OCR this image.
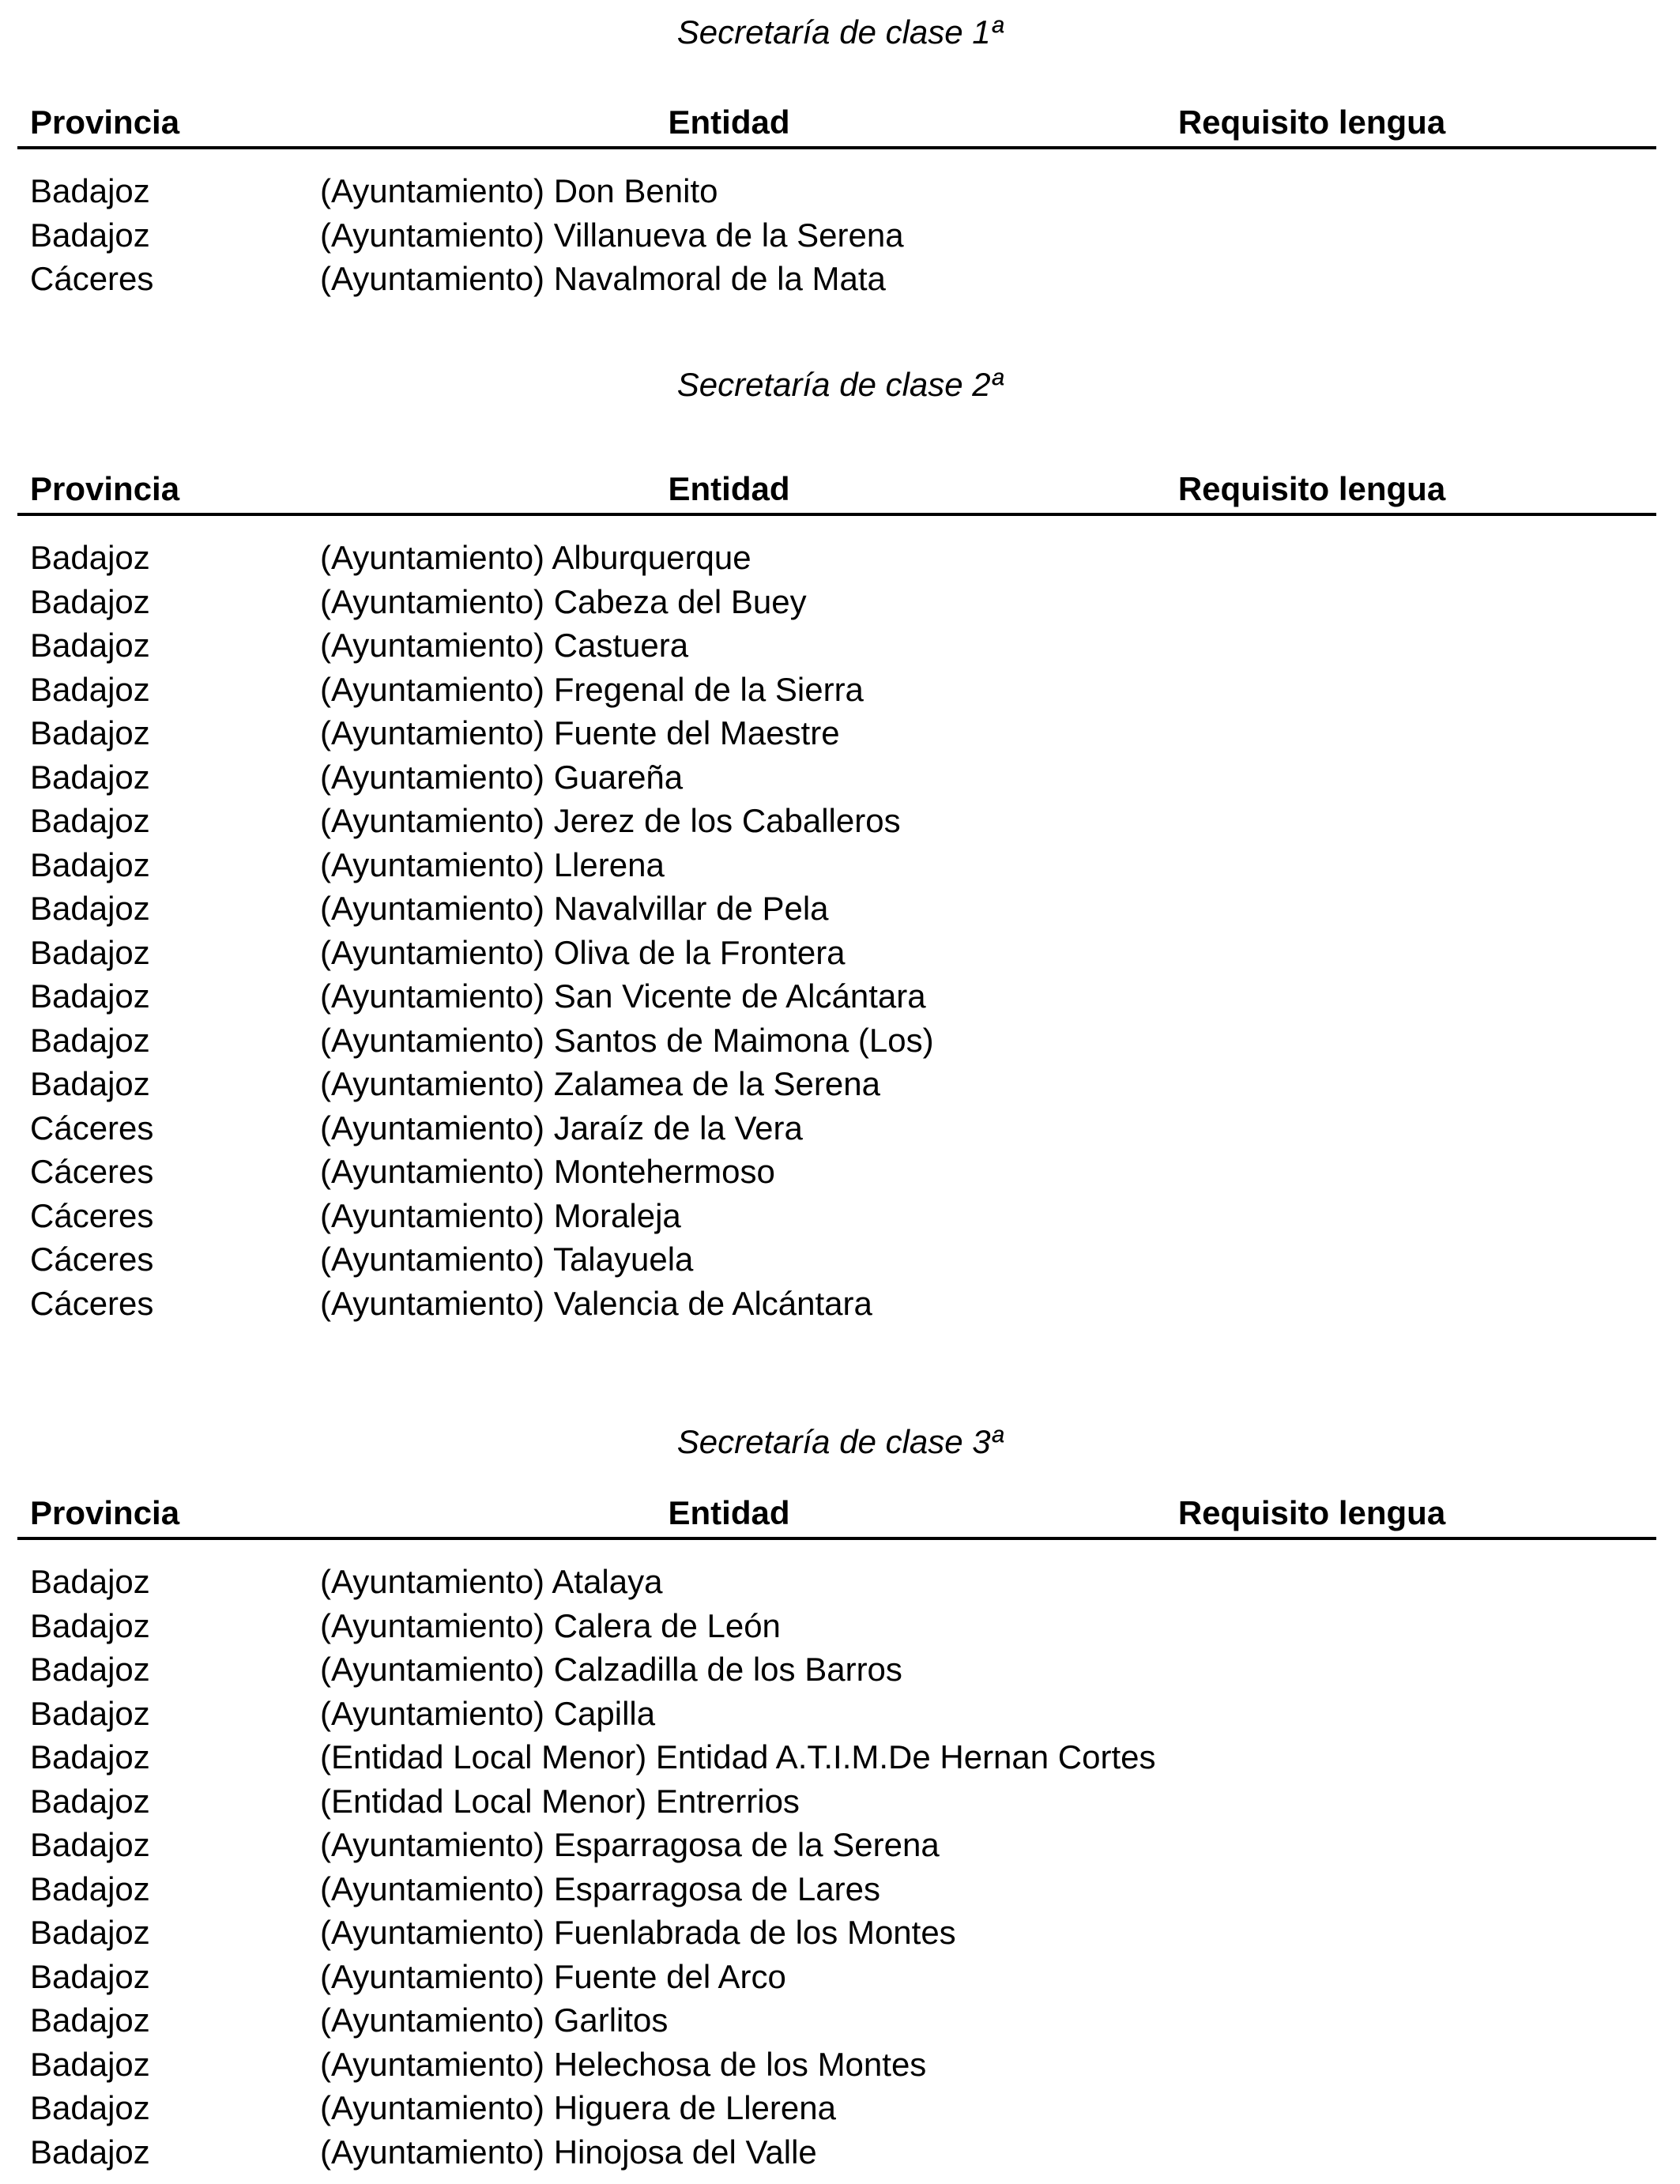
Secretaría de clase 1ª
Provincia	Entidad	Requisito lengua
Badajoz	(Ayuntamiento) Don Benito
Badajoz	(Ayuntamiento) Villanueva de la Serena
Cáceres	(Ayuntamiento) Navalmoral de la Mata
Secretaría de clase 2ª
Provincia	Entidad	Requisito lengua
Badajoz	(Ayuntamiento) Alburquerque
Badajoz	(Ayuntamiento) Cabeza del Buey
Badajoz	(Ayuntamiento) Castuera
Badajoz	(Ayuntamiento) Fregenal de la Sierra
Badajoz	(Ayuntamiento) Fuente del Maestre
Badajoz	(Ayuntamiento) Guareña
Badajoz	(Ayuntamiento) Jerez de los Caballeros
Badajoz	(Ayuntamiento) Llerena
Badajoz	(Ayuntamiento) Navalvillar de Pela
Badajoz	(Ayuntamiento) Oliva de la Frontera
Badajoz	(Ayuntamiento) San Vicente de Alcántara
Badajoz	(Ayuntamiento) Santos de Maimona (Los)
Badajoz	(Ayuntamiento) Zalamea de la Serena
Cáceres	(Ayuntamiento) Jaraíz de la Vera
Cáceres	(Ayuntamiento) Montehermoso
Cáceres	(Ayuntamiento) Moraleja
Cáceres	(Ayuntamiento) Talayuela
Cáceres	(Ayuntamiento) Valencia de Alcántara
Secretaría de clase 3ª
Provincia	Entidad	Requisito lengua
Badajoz	(Ayuntamiento) Atalaya
Badajoz	(Ayuntamiento) Calera de León
Badajoz	(Ayuntamiento) Calzadilla de los Barros
Badajoz	(Ayuntamiento) Capilla
Badajoz	(Entidad Local Menor) Entidad A.T.I.M.De Hernan Cortes
Badajoz	(Entidad Local Menor) Entrerrios
Badajoz	(Ayuntamiento) Esparragosa de la Serena
Badajoz	(Ayuntamiento) Esparragosa de Lares
Badajoz	(Ayuntamiento) Fuenlabrada de los Montes
Badajoz	(Ayuntamiento) Fuente del Arco
Badajoz	(Ayuntamiento) Garlitos
Badajoz	(Ayuntamiento) Helechosa de los Montes
Badajoz	(Ayuntamiento) Higuera de Llerena
Badajoz	(Ayuntamiento) Hinojosa del Valle
